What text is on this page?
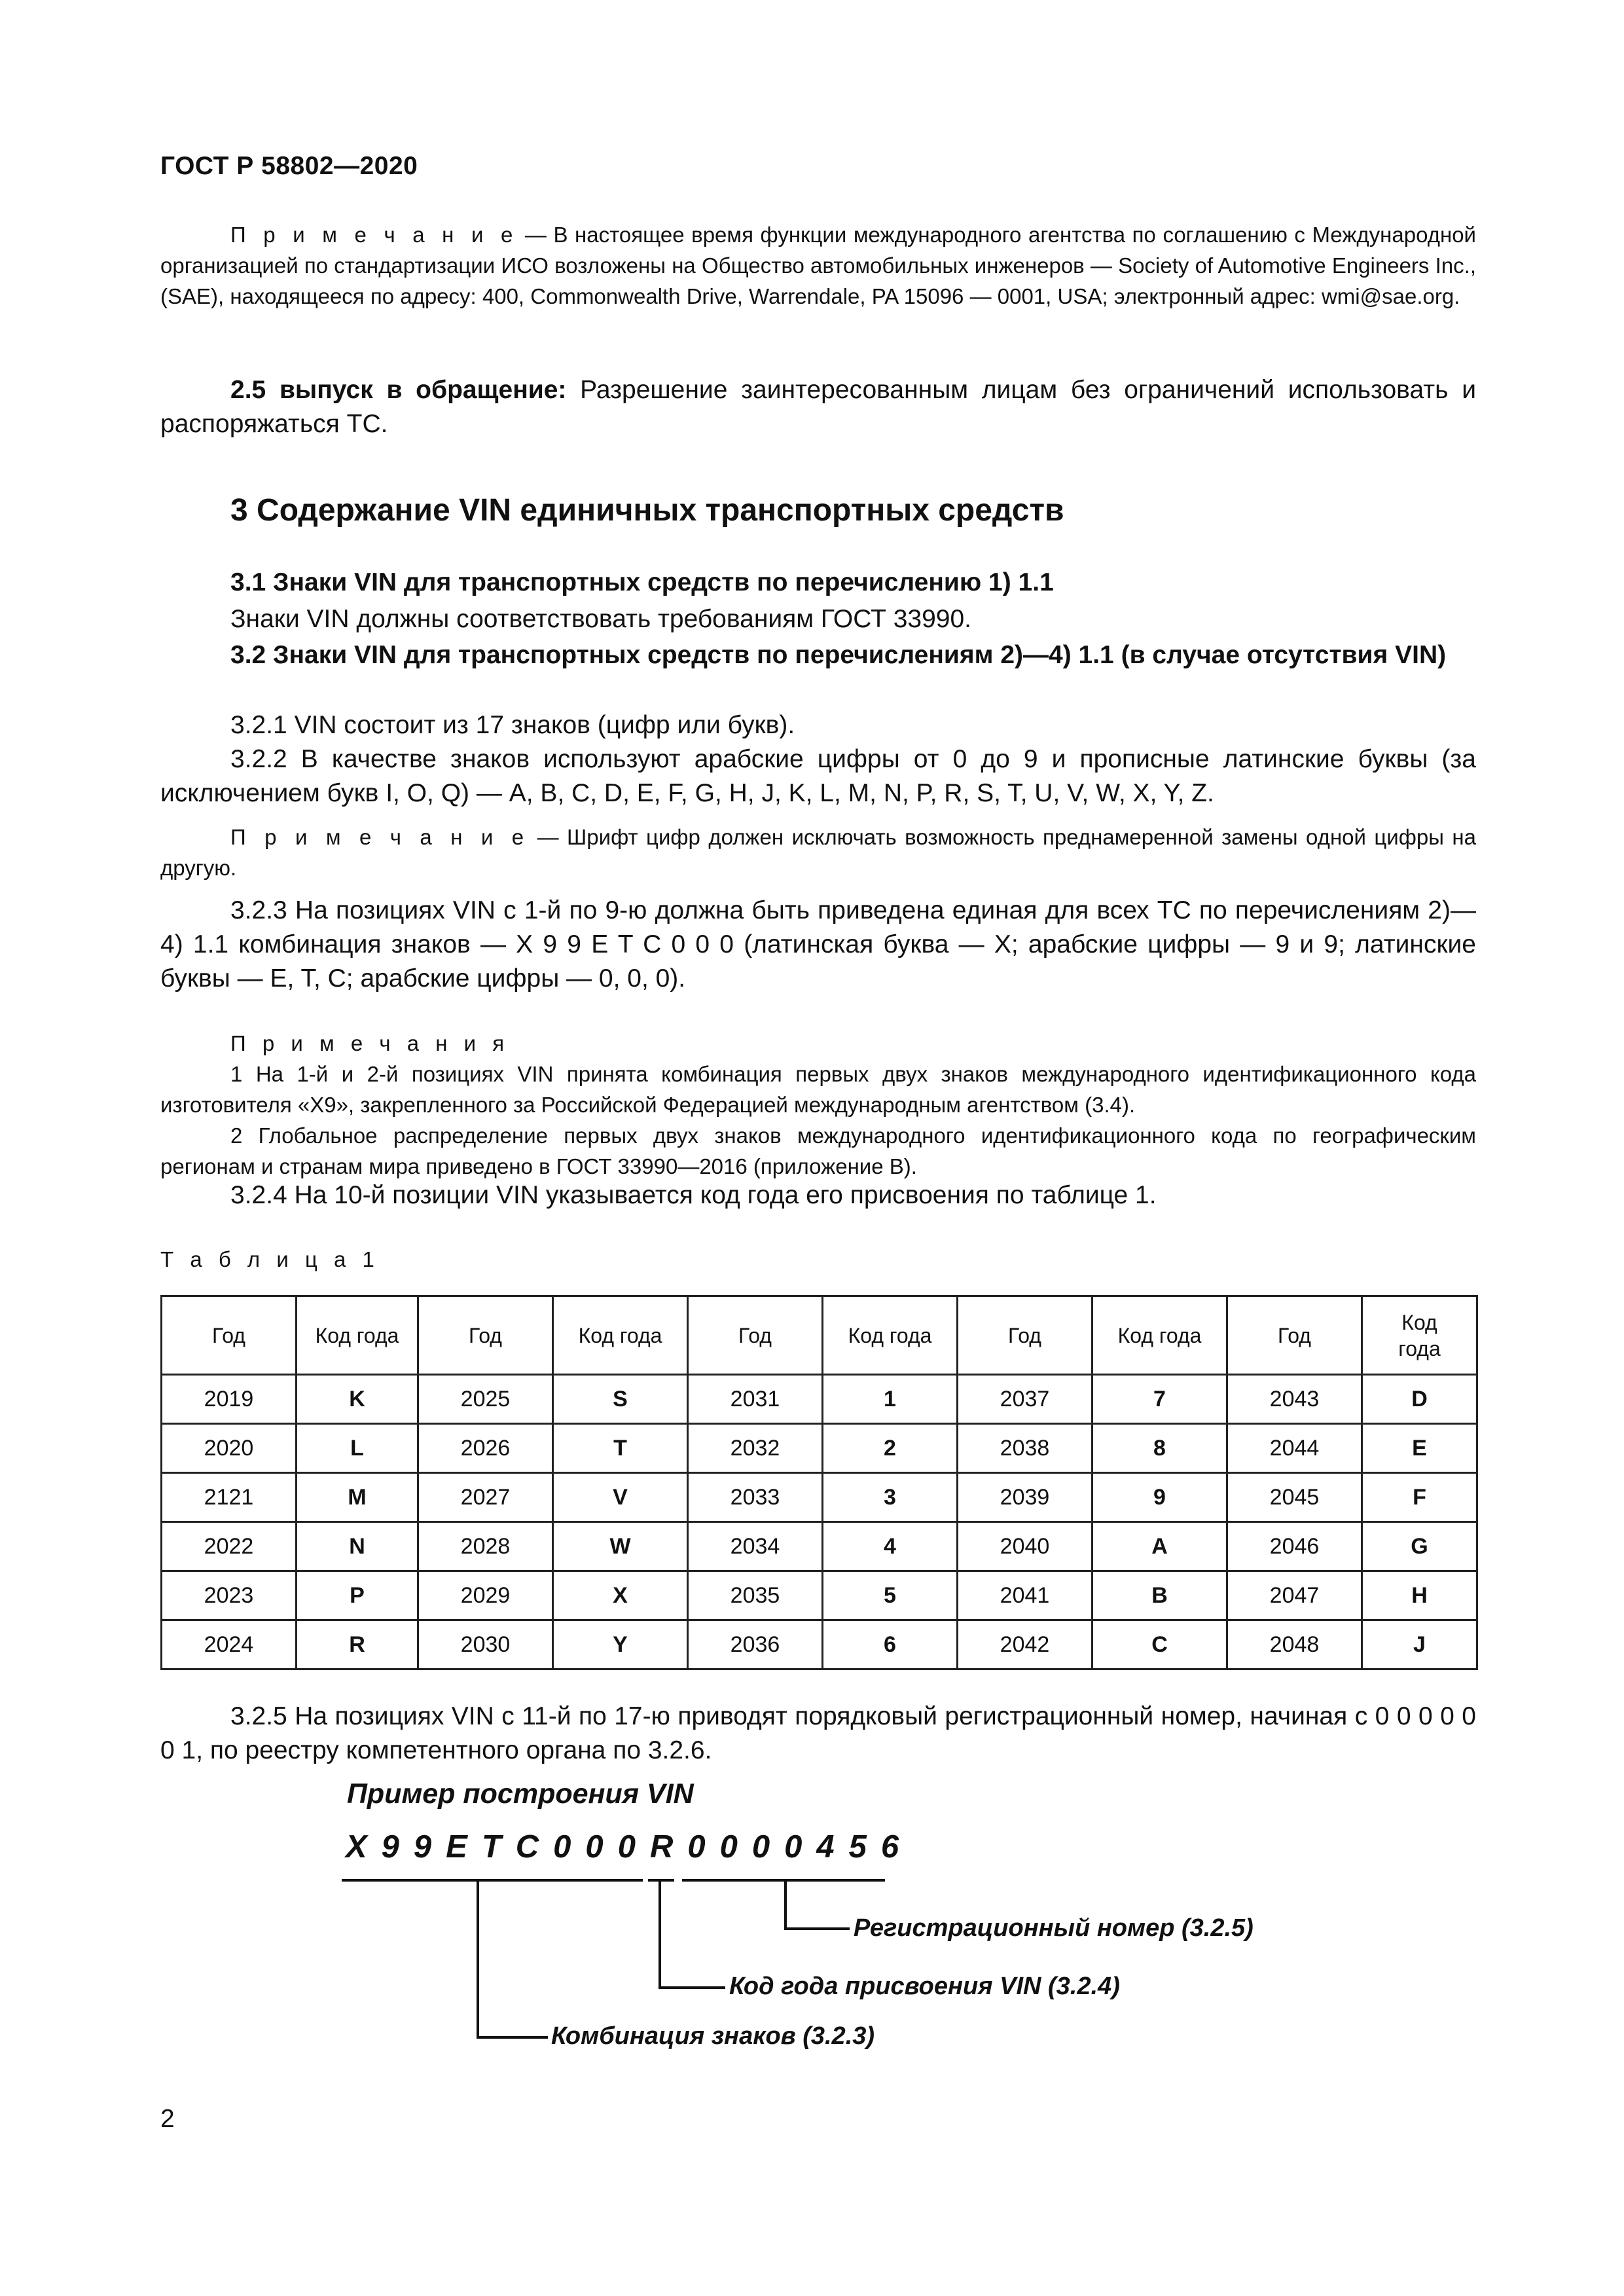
ГОСТ Р 58802—2020
П р и м е ч а н и е — В настоящее время функции международного агентства по соглашению с Международной организацией по стандартизации ИСО возложены на Общество автомобильных инженеров — Society of Automotive Engineers Inc., (SAE), находящееся по адресу: 400, Commonwealth Drive, Warrendale, PA 15096 — 0001, USA; электронный адрес: wmi@sae.org.
2.5 выпуск в обращение: Разрешение заинтересованным лицам без ограничений использовать и распоряжаться ТС.
3 Содержание VIN единичных транспортных средств
3.1 Знаки VIN для транспортных средств по перечислению 1) 1.1
Знаки VIN должны соответствовать требованиям ГОСТ 33990.
3.2 Знаки VIN для транспортных средств по перечислениям 2)—4) 1.1 (в случае отсутствия VIN)
3.2.1 VIN состоит из 17 знаков (цифр или букв).
3.2.2 В качестве знаков используют арабские цифры от 0 до 9 и прописные латинские буквы (за исключением букв I, O, Q) — A, B, C, D, E, F, G, H, J, K, L, M, N, P, R, S, T, U, V, W, X, Y, Z.
П р и м е ч а н и е — Шрифт цифр должен исключать возможность преднамеренной замены одной цифры на другую.
3.2.3 На позициях VIN с 1-й по 9-ю должна быть приведена единая для всех ТС по перечислениям 2)—4) 1.1 комбинация знаков — X 9 9 E T C 0 0 0 (латинская буква — X; арабские цифры — 9 и 9; латинские буквы — E, T, C; арабские цифры — 0, 0, 0).
П р и м е ч а н и я
1 На 1-й и 2-й позициях VIN принята комбинация первых двух знаков международного идентификационного кода изготовителя «X9», закрепленного за Российской Федерацией международным агентством (3.4).
2 Глобальное распределение первых двух знаков международного идентификационного кода по географическим регионам и странам мира приведено в ГОСТ 33990—2016 (приложение В).
3.2.4 На 10-й позиции VIN указывается код года его присвоения по таблице 1.
Т а б л и ц а 1
Год	Код года	Год	Код года	Год	Код года	Год	Код года	Год	Код года
2019	K	2025	S	2031	1	2037	7	2043	D
2020	L	2026	T	2032	2	2038	8	2044	E
2121	M	2027	V	2033	3	2039	9	2045	F
2022	N	2028	W	2034	4	2040	A	2046	G
2023	P	2029	X	2035	5	2041	B	2047	H
2024	R	2030	Y	2036	6	2042	C	2048	J
3.2.5 На позициях VIN с 11-й по 17-ю приводят порядковый регистрационный номер, начиная с 0 0 0 0 0 0 1, по реестру компетентного органа по 3.2.6.
Пример построения VIN
X99ETC000R0000456
Регистрационный номер (3.2.5)
Код года присвоения VIN (3.2.4)
Комбинация знаков (3.2.3)
2
